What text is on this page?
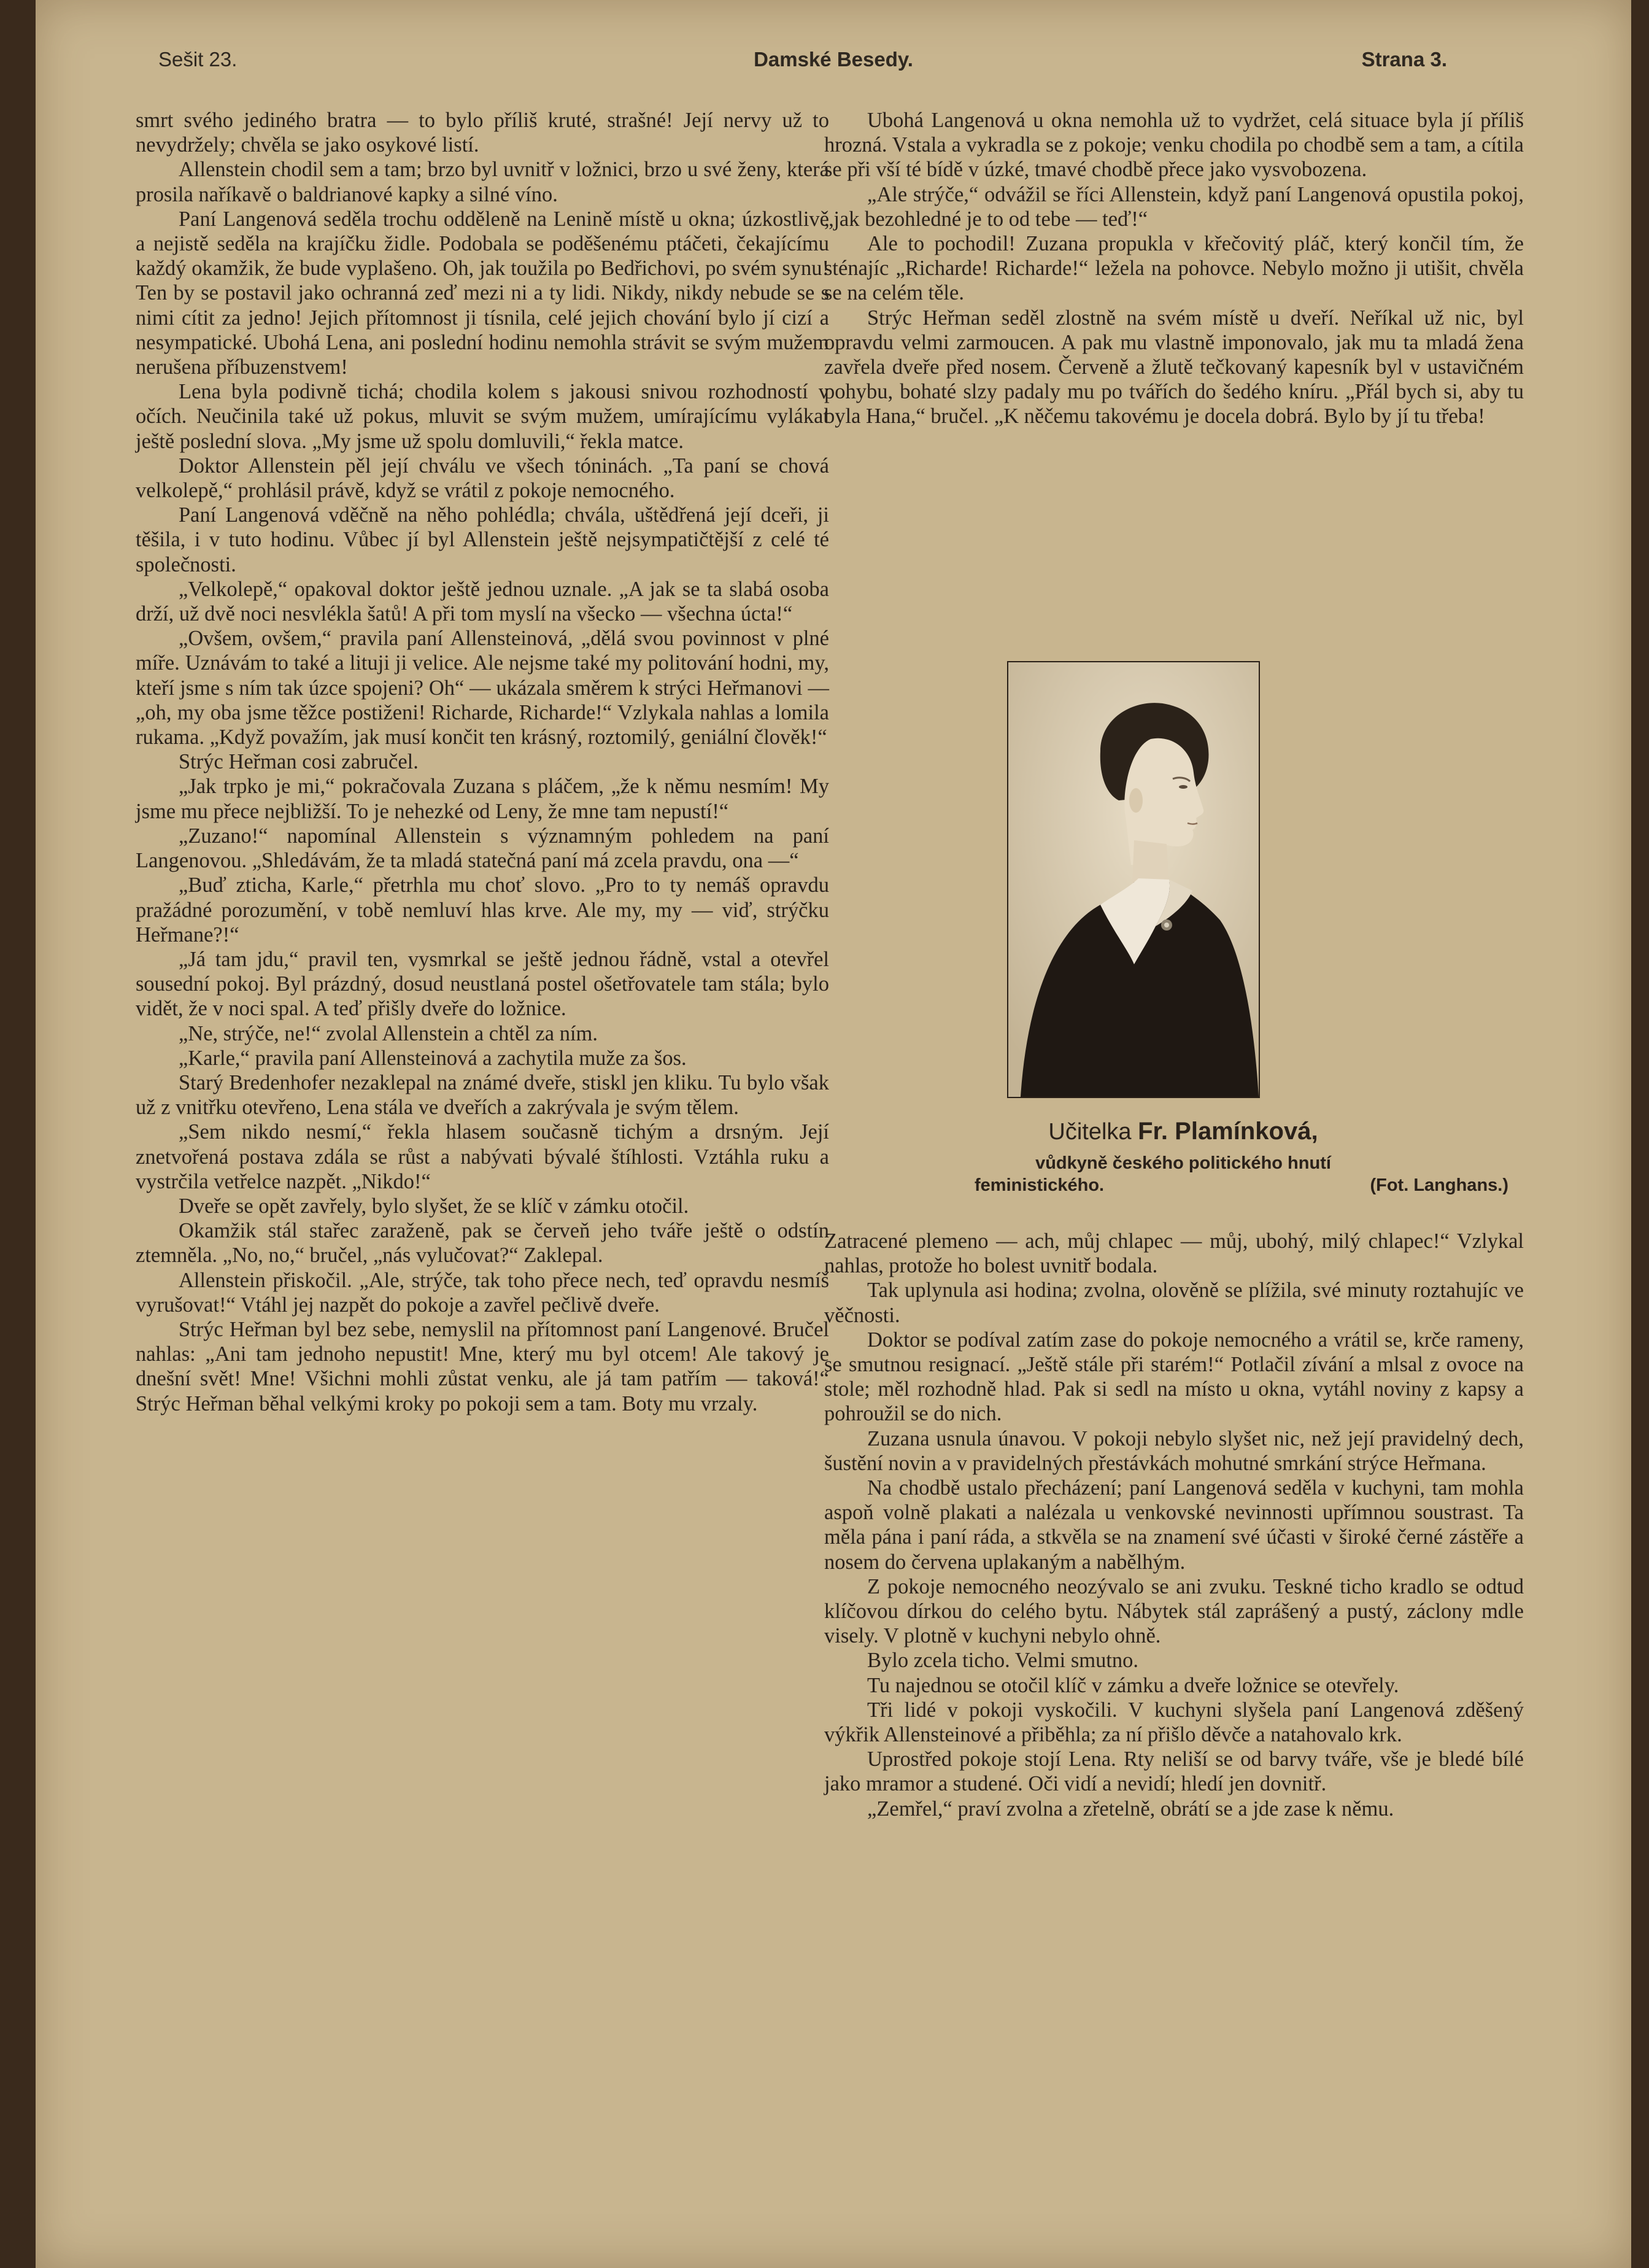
Sešit 23.	Damské Besedy.	Strana 3.

smrt svého jediného bratra — to bylo příliš kruté, strašné! Její nervy už to nevydržely; chvěla se jako osykové listí.

Allenstein chodil sem a tam; brzo byl uvnitř v ložnici, brzo u své ženy, která prosila naříkavě o baldrianové kapky a silné víno.

Paní Langenová seděla trochu odděleně na Lenině místě u okna; úzkostlivě a nejistě seděla na krajíčku židle. Podobala se poděšenému ptáčeti, čekajícímu každý okamžik, že bude vyplašeno. Oh, jak toužila po Bedřichovi, po svém synu! Ten by se postavil jako ochranná zeď mezi ni a ty lidi. Nikdy, nikdy nebude se s nimi cítit za jedno! Jejich přítomnost ji tísnila, celé jejich chování bylo jí cizí a nesympatické. Ubohá Lena, ani poslední hodinu nemohla strávit se svým mužem nerušena příbuzenstvem!

Lena byla podivně tichá; chodila kolem s jakousi snivou rozhodností v očích. Neučinila také už pokus, mluvit se svým mužem, umírajícímu vylákat ještě poslední slova. „My jsme už spolu domluvili,“ řekla matce.

Doktor Allenstein pěl její chválu ve všech tóninách. „Ta paní se chová velkolepě,“ prohlásil právě, když se vrátil z pokoje nemocného.

Paní Langenová vděčně na něho pohlédla; chvála, uštědřená její dceři, ji těšila, i v tuto hodinu. Vůbec jí byl Allenstein ještě nejsympatičtější z celé té společnosti.

„Velkolepě,“ opakoval doktor ještě jednou uznale. „A jak se ta slabá osoba drží, už dvě noci nesvlékla šatů! A při tom myslí na všecko — všechna úcta!“

„Ovšem, ovšem,“ pravila paní Allensteinová, „dělá svou povinnost v plné míře. Uznávám to také a lituji ji velice. Ale nejsme také my politování hodni, my, kteří jsme s ním tak úzce spojeni? Oh“ — ukázala směrem k strýci Heřmanovi — „oh, my oba jsme těžce postiženi! Richarde, Richarde!“ Vzlykala nahlas a lomila rukama. „Když považím, jak musí končit ten krásný, roztomilý, geniální člověk!“

Strýc Heřman cosi zabručel.

„Jak trpko je mi,“ pokračovala Zuzana s pláčem, „že k němu nesmím! My jsme mu přece nejbližší. To je nehezké od Leny, že mne tam nepustí!“

„Zuzano!“ napomínal Allenstein s významným pohledem na paní Langenovou. „Shledávám, že ta mladá statečná paní má zcela pravdu, ona —“

„Buď zticha, Karle,“ přetrhla mu choť slovo. „Pro to ty nemáš opravdu pražádné porozumění, v tobě nemluví hlas krve. Ale my, my — viď, strýčku Heřmane?!“

„Já tam jdu,“ pravil ten, vysmrkal se ještě jednou řádně, vstal a otevřel sousední pokoj. Byl prázdný, dosud neustlaná postel ošetřovatele tam stála; bylo vidět, že v noci spal. A teď přišly dveře do ložnice.

„Ne, strýče, ne!“ zvolal Allenstein a chtěl za ním.

„Karle,“ pravila paní Allensteinová a zachytila muže za šos.

Starý Bredenhofer nezaklepal na známé dveře, stiskl jen kliku. Tu bylo však už z vnitřku otevřeno, Lena stála ve dveřích a zakrývala je svým tělem.

„Sem nikdo nesmí,“ řekla hlasem současně tichým a drsným. Její znetvořená postava zdála se růst a nabývati bývalé štíhlosti. Vztáhla ruku a vystrčila vetřelce nazpět. „Nikdo!“

Dveře se opět zavřely, bylo slyšet, že se klíč v zámku otočil.

Okamžik stál stařec zaraženě, pak se červeň jeho tváře ještě o odstín ztemněla. „No, no,“ bručel, „nás vylučovat?“ Zaklepal.

Allenstein přiskočil. „Ale, strýče, tak toho přece nech, teď opravdu nesmíš vyrušovat!“ Vtáhl jej nazpět do pokoje a zavřel pečlivě dveře.

Strýc Heřman byl bez sebe, nemyslil na přítomnost paní Langenové. Bručel nahlas: „Ani tam jednoho nepustit! Mne, který mu byl otcem! Ale takový je dnešní svět! Mne! Všichni mohli zůstat venku, ale já tam patřím — taková!“ Strýc Heřman běhal velkými kroky po pokoji sem a tam. Boty mu vrzaly.

Ubohá Langenová u okna nemohla už to vydržet, celá situace byla jí příliš hrozná. Vstala a vykradla se z pokoje; venku chodila po chodbě sem a tam, a cítila se při vší té bídě v úzké, tmavé chodbě přece jako vysvobozena.

„Ale strýče,“ odvážil se říci Allenstein, když paní Langenová opustila pokoj, „jak bezohledné je to od tebe — teď!“

Ale to pochodil! Zuzana propukla v křečovitý pláč, který končil tím, že sténajíc „Richarde! Richarde!“ ležela na pohovce. Nebylo možno ji utišit, chvěla se na celém těle.

Strýc Heřman seděl zlostně na svém místě u dveří. Neříkal už nic, byl opravdu velmi zarmoucen. A pak mu vlastně imponovalo, jak mu ta mladá žena zavřela dveře před nosem. Červeně a žlutě tečkovaný kapesník byl v ustavičném pohybu, bohaté slzy padaly mu po tvářích do šedého kníru. „Přál bych si, aby tu byla Hana,“ bručel. „K něčemu takovému je docela dobrá. Bylo by jí tu třeba!

Zatracené plemeno — ach, můj chlapec — můj, ubohý, milý chlapec!“ Vzlykal nahlas, protože ho bolest uvnitř bodala.

Tak uplynula asi hodina; zvolna, olověně se plížila, své minuty roztahujíc ve věčnosti.

Doktor se podíval zatím zase do pokoje nemocného a vrátil se, krče rameny, se smutnou resignací. „Ještě stále při starém!“ Potlačil zívání a mlsal z ovoce na stole; měl rozhodně hlad. Pak si sedl na místo u okna, vytáhl noviny z kapsy a pohroužil se do nich.

Zuzana usnula únavou. V pokoji nebylo slyšet nic, než její pravidelný dech, šustění novin a v pravidelných přestávkách mohutné smrkání strýce Heřmana.

Na chodbě ustalo přecházení; paní Langenová seděla v kuchyni, tam mohla aspoň volně plakati a nalézala u venkovské nevinnosti upřímnou soustrast. Ta měla pána i paní ráda, a stkvěla se na znamení své účasti v široké černé zástěře a nosem do červena uplakaným a nabělhým.

Z pokoje nemocného neozývalo se ani zvuku. Teskné ticho kradlo se odtud klíčovou dírkou do celého bytu. Nábytek stál zaprášený a pustý, záclony mdle visely. V plotně v kuchyni nebylo ohně.

Bylo zcela ticho. Velmi smutno.

Tu najednou se otočil klíč v zámku a dveře ložnice se otevřely.

Tři lidé v pokoji vyskočili. V kuchyni slyšela paní Langenová zděšený výkřik Allensteinové a přiběhla; za ní přišlo děvče a natahovalo krk.

Uprostřed pokoje stojí Lena. Rty neliší se od barvy tváře, vše je bledé bílé jako mramor a studené. Oči vidí a nevidí; hledí jen dovnitř.

„Zemřel,“ praví zvolna a zřetelně, obrátí se a jde zase k němu.

Učitelka Fr. Plamínková,
vůdkyně českého politického hnutí
feministického.	(Fot. Langhans.)
